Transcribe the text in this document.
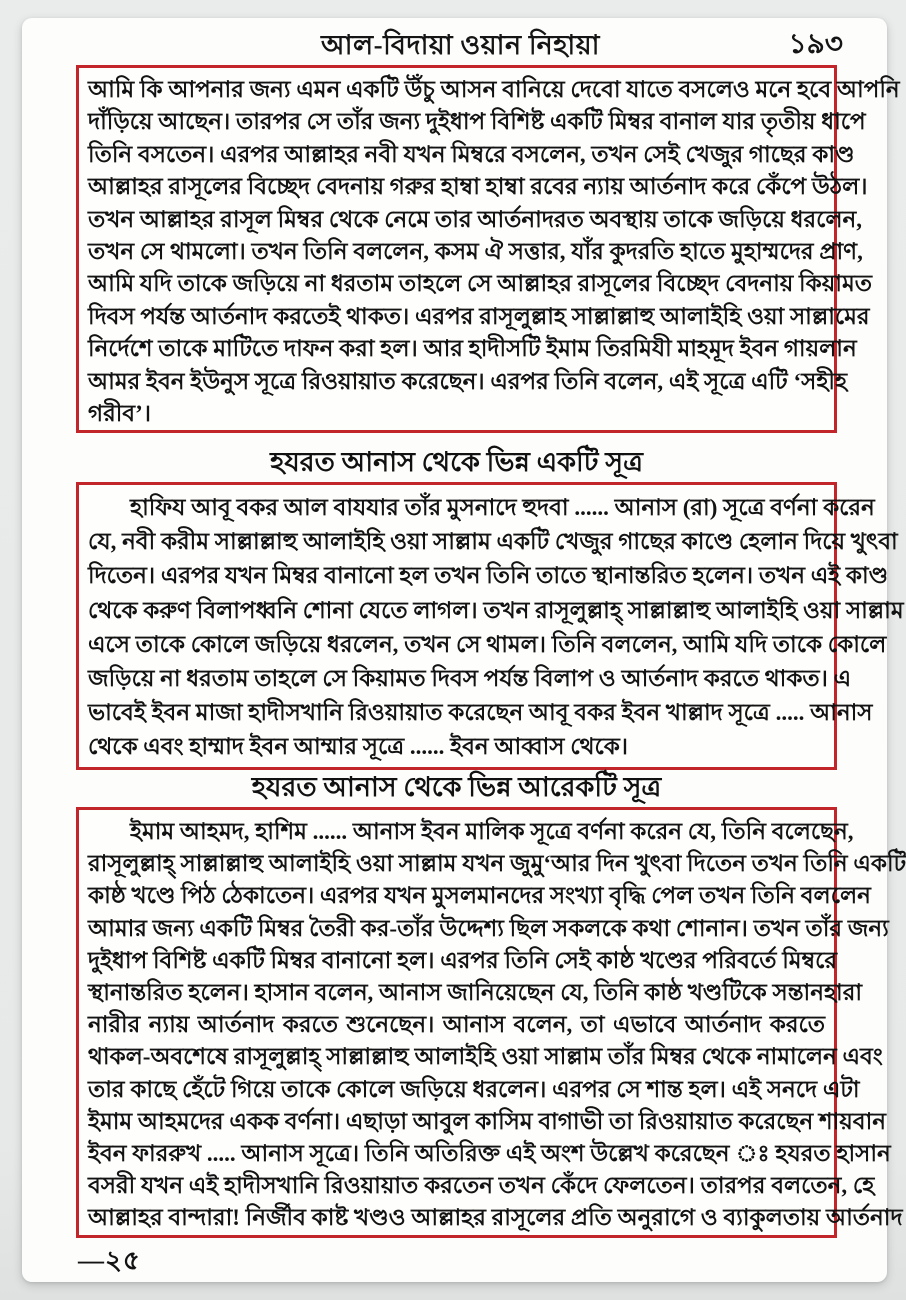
আল-বিদায়া ওয়ান নিহায়া	১৯৩
আমি কি আপনার জন্য এমন একটি উঁচু আসন বানিয়ে দেবো যাতে বসলেও মনে হবে আপনি
দাঁড়িয়ে আছেন। তারপর সে তাঁর জন্য দুইধাপ বিশিষ্ট একটি মিম্বর বানাল যার তৃতীয় ধাপে
তিনি বসতেন। এরপর আল্লাহর নবী যখন মিম্বরে বসলেন, তখন সেই খেজুর গাছের কাণ্ড
আল্লাহর রাসূলের বিচ্ছেদ বেদনায় গরুর হাম্বা হাম্বা রবের ন্যায় আর্তনাদ করে কেঁপে উঠল।
তখন আল্লাহর রাসূল মিম্বর থেকে নেমে তার আর্তনাদরত অবস্থায় তাকে জড়িয়ে ধরলেন,
তখন সে থামলো। তখন তিনি বললেন, কসম ঐ সত্তার, যাঁর কুদরতি হাতে মুহাম্মদের প্রাণ,
আমি যদি তাকে জড়িয়ে না ধরতাম তাহলে সে আল্লাহর রাসূলের বিচ্ছেদ বেদনায় কিয়ামত
দিবস পর্যন্ত আর্তনাদ করতেই থাকত। এরপর রাসূলুল্লাহ সাল্লাল্লাহু আলাইহি ওয়া সাল্লামের
নির্দেশে তাকে মাটিতে দাফন করা হল। আর হাদীসটি ইমাম তিরমিযী মাহমূদ ইবন গায়লান
আমর ইবন ইউনুস সূত্রে রিওয়ায়াত করেছেন। এরপর তিনি বলেন, এই সূত্রে এটি ‘সহীহ
গরীব’।
হযরত আনাস থেকে ভিন্ন একটি সূত্র
হাফিয আবূ বকর আল বাযযার তাঁর মুসনাদে হুদবা ...... আনাস (রা) সূত্রে বর্ণনা করেন
যে, নবী করীম সাল্লাল্লাহু আলাইহি ওয়া সাল্লাম একটি খেজুর গাছের কাণ্ডে হেলান দিয়ে খুৎবা
দিতেন। এরপর যখন মিম্বর বানানো হল তখন তিনি তাতে স্থানান্তরিত হলেন। তখন এই কাণ্ড
থেকে করুণ বিলাপধ্বনি শোনা যেতে লাগল। তখন রাসূলুল্লাহ্ সাল্লাল্লাহু আলাইহি ওয়া সাল্লাম
এসে তাকে কোলে জড়িয়ে ধরলেন, তখন সে থামল। তিনি বললেন, আমি যদি তাকে কোলে
জড়িয়ে না ধরতাম তাহলে সে কিয়ামত দিবস পর্যন্ত বিলাপ ও আর্তনাদ করতে থাকত। এ
ভাবেই ইবন মাজা হাদীসখানি রিওয়ায়াত করেছেন আবূ বকর ইবন খাল্লাদ সূত্রে ..... আনাস
থেকে এবং হাম্মাদ ইবন আম্মার সূত্রে ...... ইবন আব্বাস থেকে।
হযরত আনাস থেকে ভিন্ন আরেকটি সূত্র
ইমাম আহমদ, হাশিম ...... আনাস ইবন মালিক সূত্রে বর্ণনা করেন যে, তিনি বলেছেন,
রাসূলুল্লাহ্ সাল্লাল্লাহু আলাইহি ওয়া সাল্লাম যখন জুমু‘আর দিন খুৎবা দিতেন তখন তিনি একটি
কাষ্ঠ খণ্ডে পিঠ ঠেকাতেন। এরপর যখন মুসলমানদের সংখ্যা বৃদ্ধি পেল তখন তিনি বললেন
আমার জন্য একটি মিম্বর তৈরী কর-তাঁর উদ্দেশ্য ছিল সকলকে কথা শোনান। তখন তাঁর জন্য
দুইধাপ বিশিষ্ট একটি মিম্বর বানানো হল। এরপর তিনি সেই কাষ্ঠ খণ্ডের পরিবর্তে মিম্বরে
স্থানান্তরিত হলেন। হাসান বলেন, আনাস জানিয়েছেন যে, তিনি কাষ্ঠ খণ্ডটিকে সন্তানহারা
নারীর ন্যায় আর্তনাদ করতে শুনেছেন। আনাস বলেন, তা এভাবে আর্তনাদ করতে
থাকল-অবশেষে রাসূলুল্লাহ্ সাল্লাল্লাহু আলাইহি ওয়া সাল্লাম তাঁর মিম্বর থেকে নামালেন এবং
তার কাছে হেঁটে গিয়ে তাকে কোলে জড়িয়ে ধরলেন। এরপর সে শান্ত হল। এই সনদে এটা
ইমাম আহমদের একক বর্ণনা। এছাড়া আবুল কাসিম বাগাভী তা রিওয়ায়াত করেছেন শায়বান
ইবন ফাররুখ ..... আনাস সূত্রে। তিনি অতিরিক্ত এই অংশ উল্লেখ করেছেন ঃ হযরত হাসান
বসরী যখন এই হাদীসখানি রিওয়ায়াত করতেন তখন কেঁদে ফেলতেন। তারপর বলতেন, হে
আল্লাহর বান্দারা! নির্জীব কাষ্ট খণ্ডও আল্লাহর রাসূলের প্রতি অনুরাগে ও ব্যাকুলতায় আর্তনাদ
—২৫
